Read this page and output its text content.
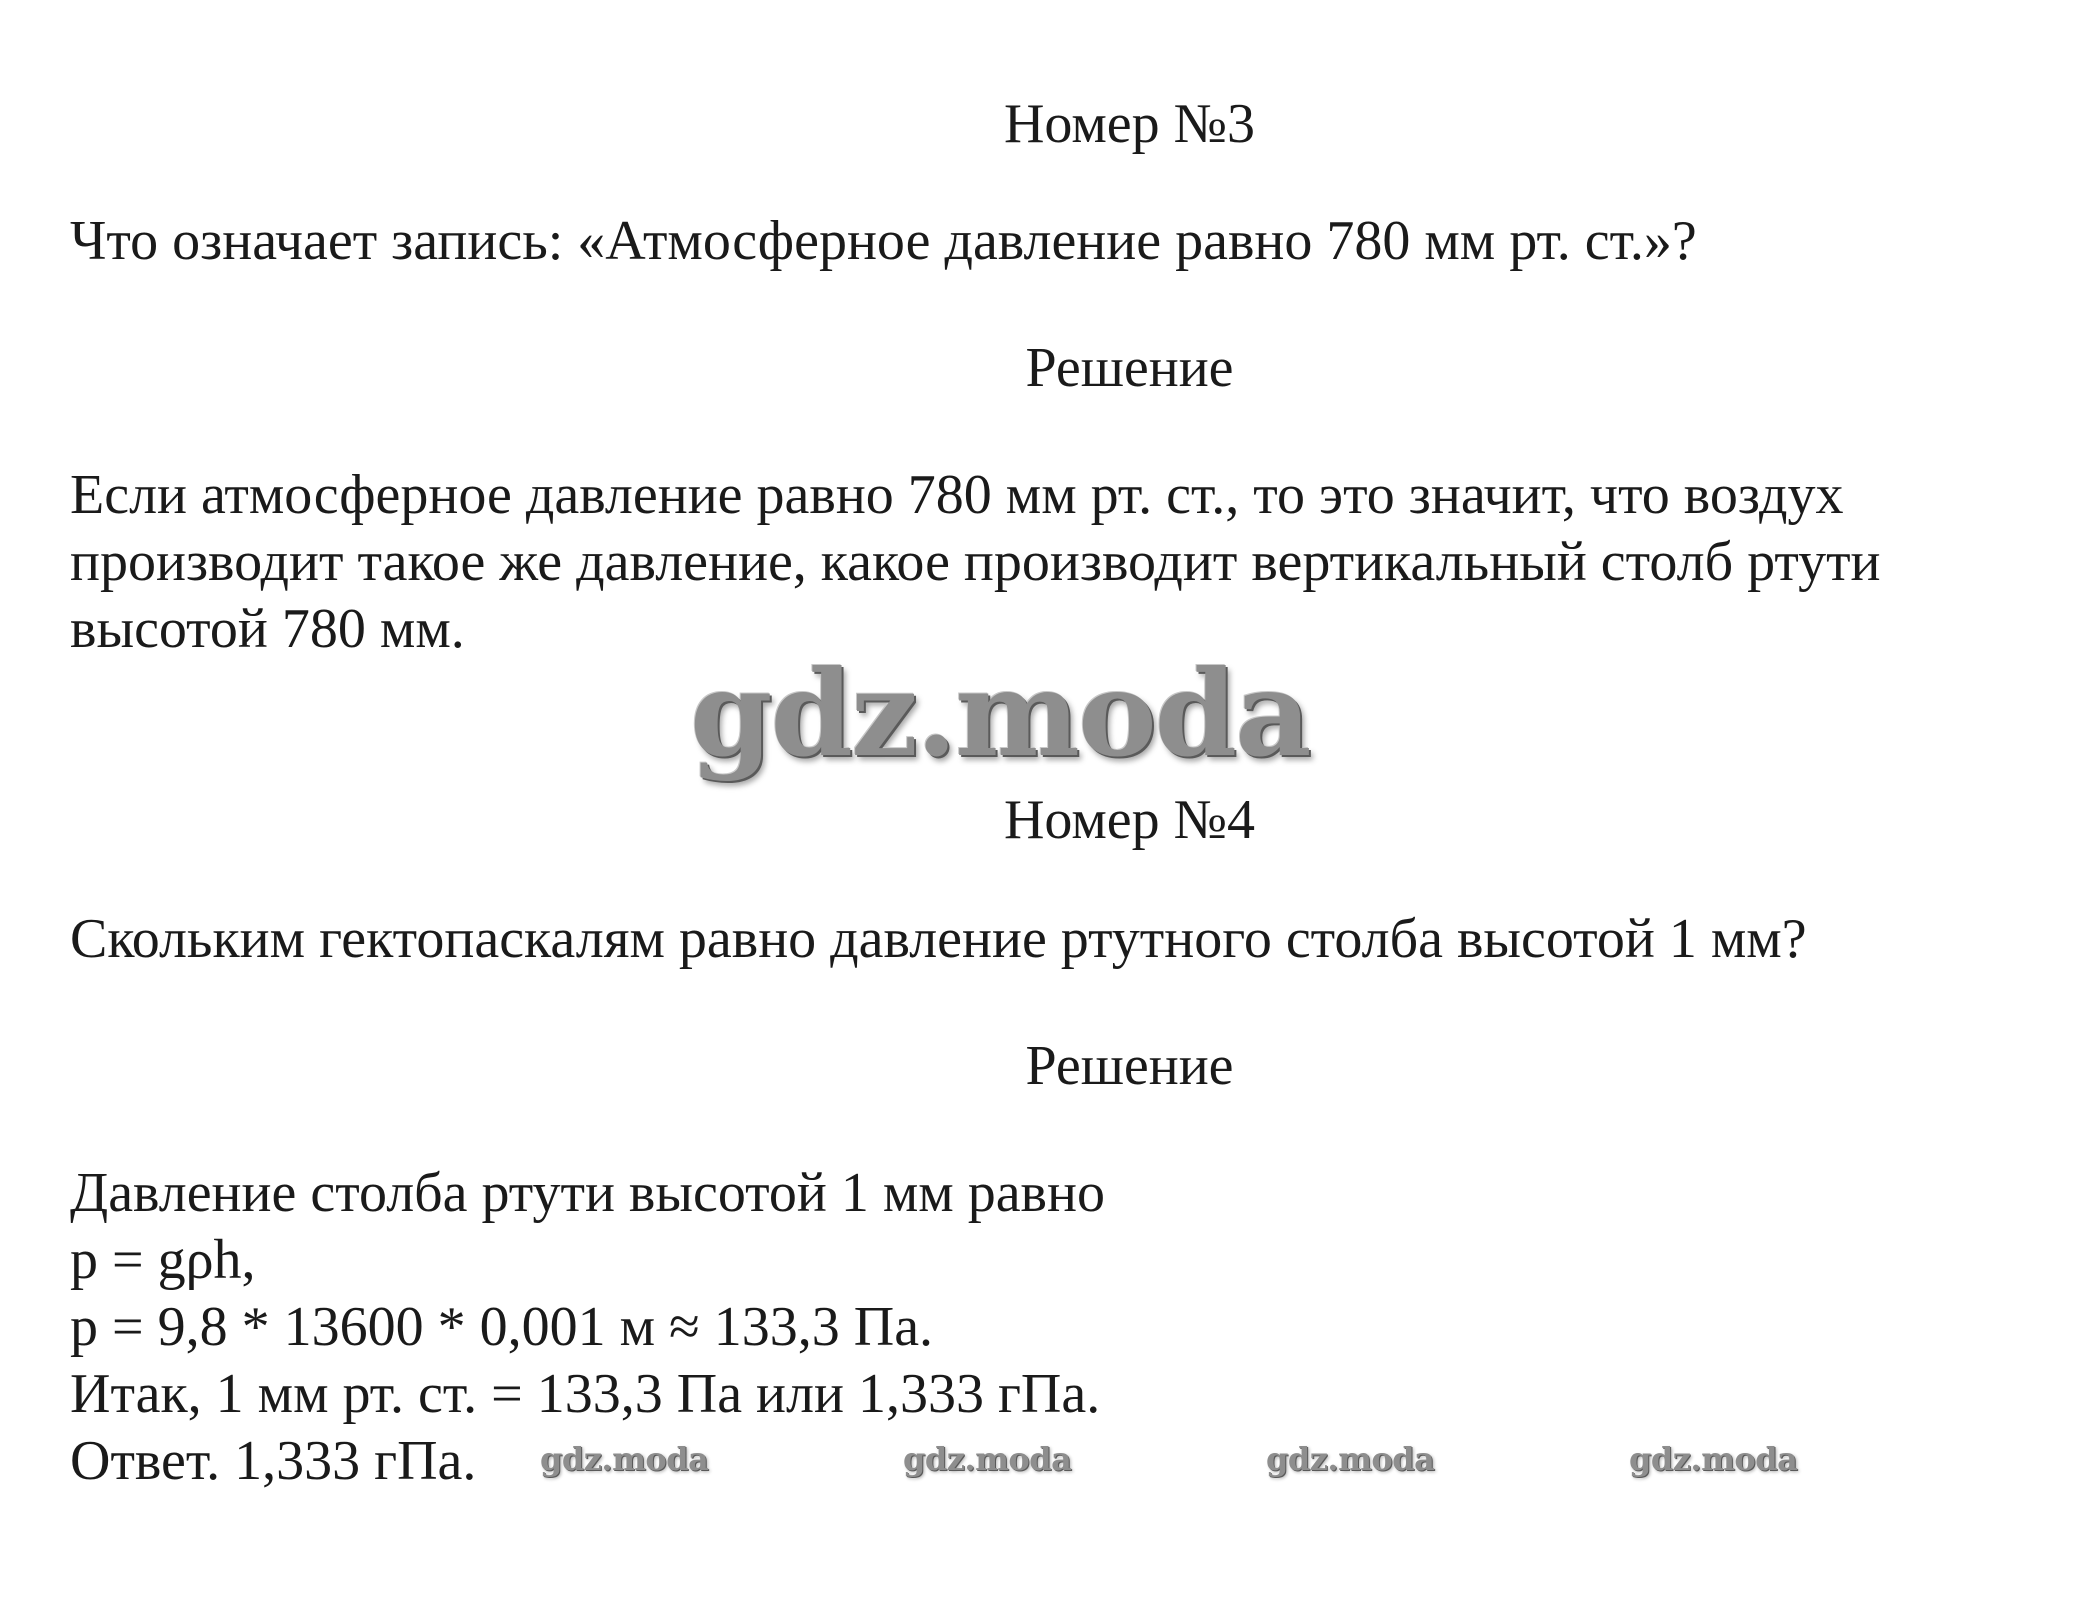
Номер №3
Что означает запись: «Атмосферное давление равно 780 мм рт. ст.»?
Решение
Если атмосферное давление равно 780 мм рт. ст., то это значит, что воздух
производит такое же давление, какое производит вертикальный столб ртути
высотой 780 мм.
gdz.moda
Номер №4
Скольким гектопаскалям равно давление ртутного столба высотой 1 мм?
Решение
Давление столба ртути высотой 1 мм равно
p = gρh,
p = 9,8 * 13600 * 0,001 м ≈ 133,3 Па.
Итак, 1 мм рт. ст. = 133,3 Па или 1,333 гПа.
Ответ. 1,333 гПа.	gdz.moda	gdz.moda	gdz.moda	gdz.moda
